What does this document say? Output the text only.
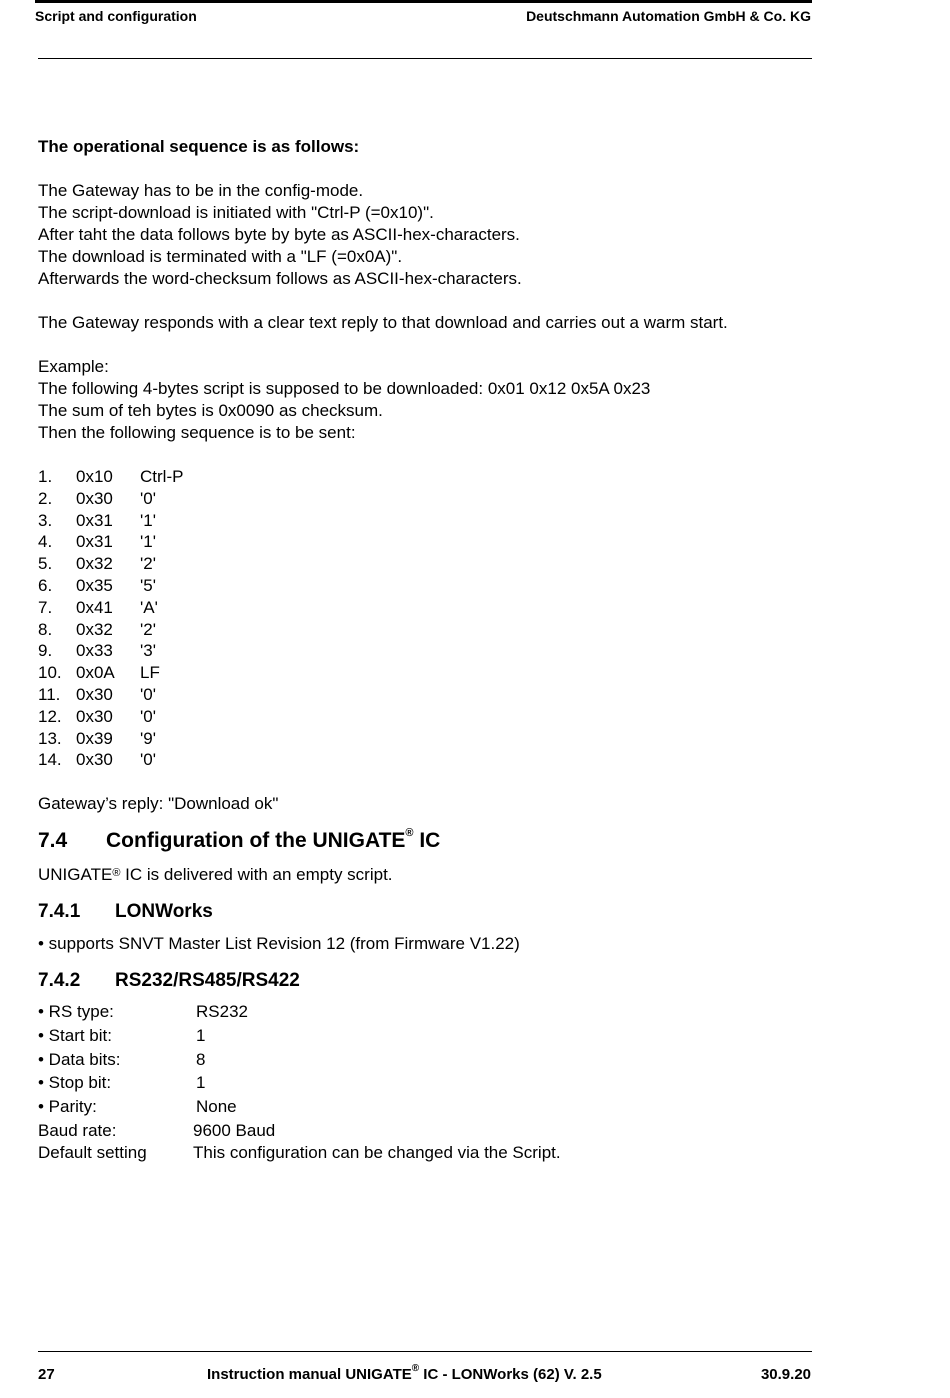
Script and configuration	Deutschmann Automation GmbH & Co. KG

The operational sequence is as follows:

The Gateway has to be in the config-mode.

The script-download is initiated with "Ctrl-P (=0x10)".

After taht the data follows byte by byte as ASCII-hex-characters.

The download is terminated with a "LF (=0x0A)".

Afterwards the word-checksum follows as ASCII-hex-characters.

The Gateway responds with a clear text reply to that download and carries out a warm start.

Example:

The following 4-bytes script is supposed to be downloaded: 0x01 0x12 0x5A 0x23

The sum of teh bytes is 0x0090 as checksum.

Then the following sequence is to be sent:

1.	0x10	Ctrl-P
2.	0x30	'0'
3.	0x31	'1'
4.	0x31	'1'
5.	0x32	'2'
6.	0x35	'5'
7.	0x41	'A'
8.	0x32	'2'
9.	0x33	'3'
10. 0x0A	LF
11. 0x30	'0'
12. 0x30	'0'
13. 0x39	'9'
14. 0x30	'0'

Gateway’s reply: "Download ok"

7.4 Configuration of the UNIGATE® IC
UNIGATE® IC is delivered with an empty script.
7.4.1 LONWorks
• supports SNVT Master List Revision 12 (from Firmware V1.22)
7.4.2 RS232/RS485/RS422
• RS type:	RS232
• Start bit:	1
• Data bits:	8
• Stop bit:	1
• Parity:	None
Baud rate:	9600 Baud
Default setting	This configuration can be changed via the Script.
27	Instruction manual UNIGATE® IC - LONWorks (62) V. 2.5	30.9.20
